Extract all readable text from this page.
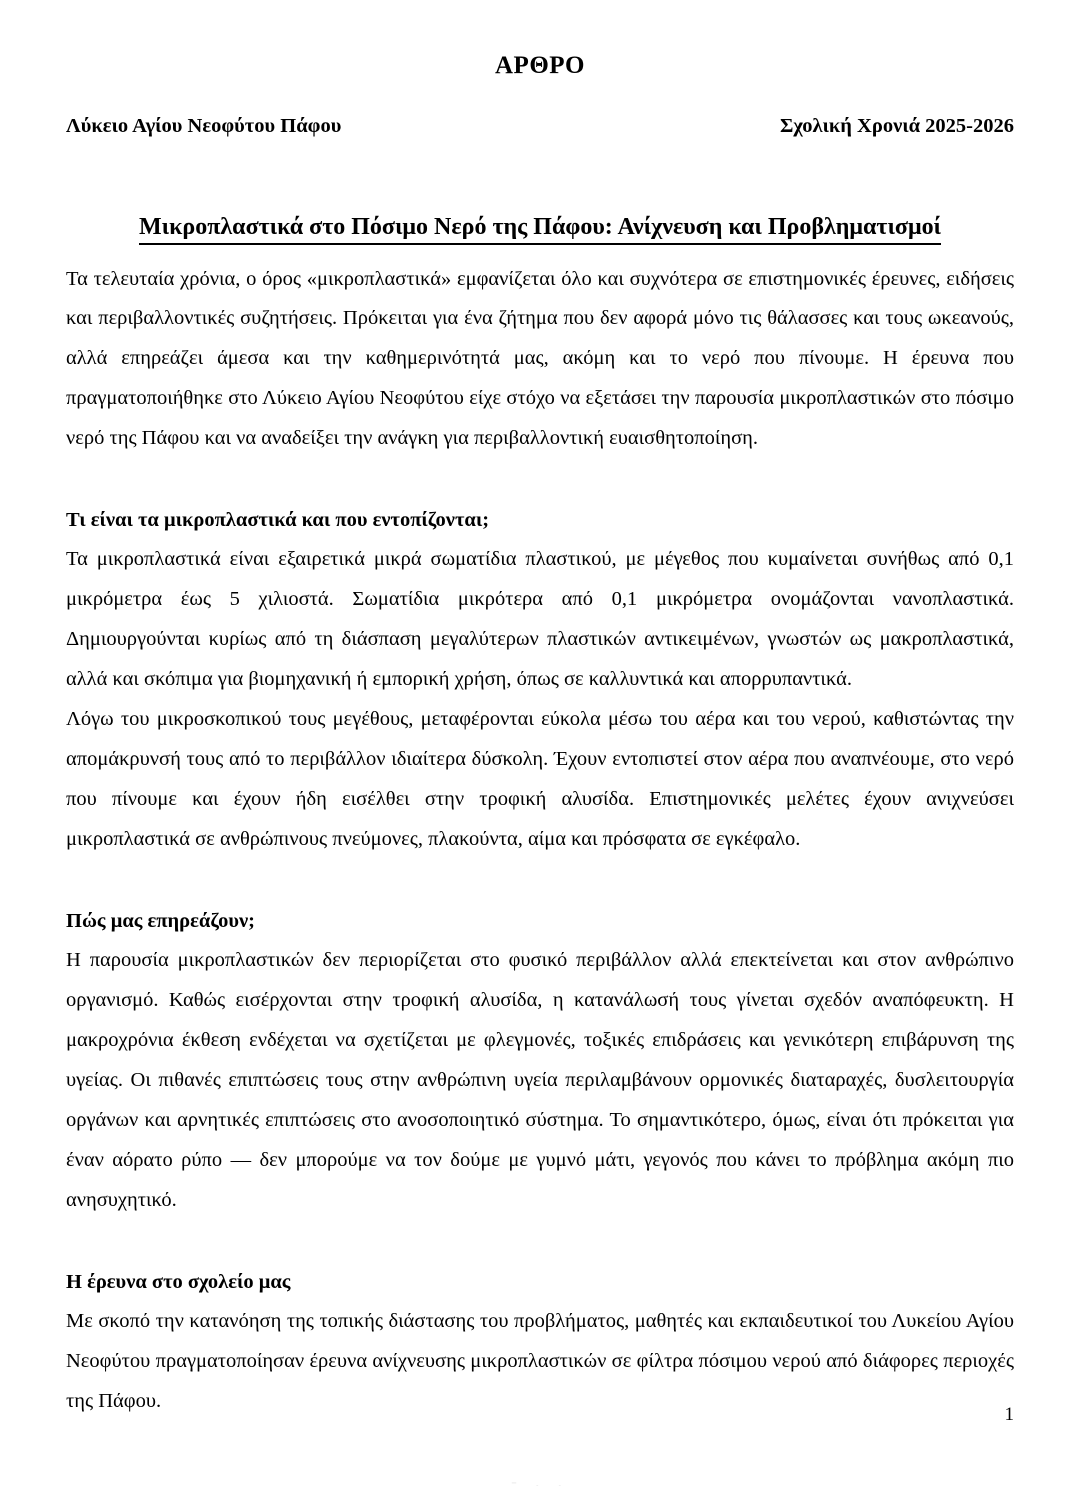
ΑΡΘΡΟ
Λύκειο Αγίου Νεοφύτου Πάφου	Σχολική Χρονιά 2025-2026
Μικροπλαστικά στο Πόσιμο Νερό της Πάφου: Ανίχνευση και Προβληματισμοί

Τα τελευταία χρόνια, ο όρος «μικροπλαστικά» εμφανίζεται όλο και συχνότερα σε επιστημονικές έρευνες, ειδήσεις και περιβαλλοντικές συζητήσεις. Πρόκειται για ένα ζήτημα που δεν αφορά μόνο τις θάλασσες και τους ωκεανούς, αλλά επηρεάζει άμεσα και την καθημερινότητά μας, ακόμη και το νερό που πίνουμε. Η έρευνα που πραγματοποιήθηκε στο Λύκειο Αγίου Νεοφύτου είχε στόχο να εξετάσει την παρουσία μικροπλαστικών στο πόσιμο νερό της Πάφου και να αναδείξει την ανάγκη για περιβαλλοντική ευαισθητοποίηση.

Τι είναι τα μικροπλαστικά και που εντοπίζονται;

Τα μικροπλαστικά είναι εξαιρετικά μικρά σωματίδια πλαστικού, με μέγεθος που κυμαίνεται συνήθως από 0,1 μικρόμετρα έως 5 χιλιοστά. Σωματίδια μικρότερα από 0,1 μικρόμετρα ονομάζονται νανοπλαστικά. Δημιουργούνται κυρίως από τη διάσπαση μεγαλύτερων πλαστικών αντικειμένων, γνωστών ως μακροπλαστικά, αλλά και σκόπιμα για βιομηχανική ή εμπορική χρήση, όπως σε καλλυντικά και απορρυπαντικά.

Λόγω του μικροσκοπικού τους μεγέθους, μεταφέρονται εύκολα μέσω του αέρα και του νερού, καθιστώντας την απομάκρυνσή τους από το περιβάλλον ιδιαίτερα δύσκολη. Έχουν εντοπιστεί στον αέρα που αναπνέουμε, στο νερό που πίνουμε και έχουν ήδη εισέλθει στην τροφική αλυσίδα. Επιστημονικές μελέτες έχουν ανιχνεύσει μικροπλαστικά σε ανθρώπινους πνεύμονες, πλακούντα, αίμα και πρόσφατα σε εγκέφαλο.

Πώς μας επηρεάζουν;

Η παρουσία μικροπλαστικών δεν περιορίζεται στο φυσικό περιβάλλον αλλά επεκτείνεται και στον ανθρώπινο οργανισμό. Καθώς εισέρχονται στην τροφική αλυσίδα, η κατανάλωσή τους γίνεται σχεδόν αναπόφευκτη. Η μακροχρόνια έκθεση ενδέχεται να σχετίζεται με φλεγμονές, τοξικές επιδράσεις και γενικότερη επιβάρυνση της υγείας. Οι πιθανές επιπτώσεις τους στην ανθρώπινη υγεία περιλαμβάνουν ορμονικές διαταραχές, δυσλειτουργία οργάνων και αρνητικές επιπτώσεις στο ανοσοποιητικό σύστημα. Το σημαντικότερο, όμως, είναι ότι πρόκειται για έναν αόρατο ρύπο — δεν μπορούμε να τον δούμε με γυμνό μάτι, γεγονός που κάνει το πρόβλημα ακόμη πιο ανησυχητικό.

Η έρευνα στο σχολείο μας

Με σκοπό την κατανόηση της τοπικής διάστασης του προβλήματος, μαθητές και εκπαιδευτικοί του Λυκείου Αγίου Νεοφύτου πραγματοποίησαν έρευνα ανίχνευσης μικροπλαστικών σε φίλτρα πόσιμου νερού από διάφορες περιοχές της Πάφου.

1
- . .
